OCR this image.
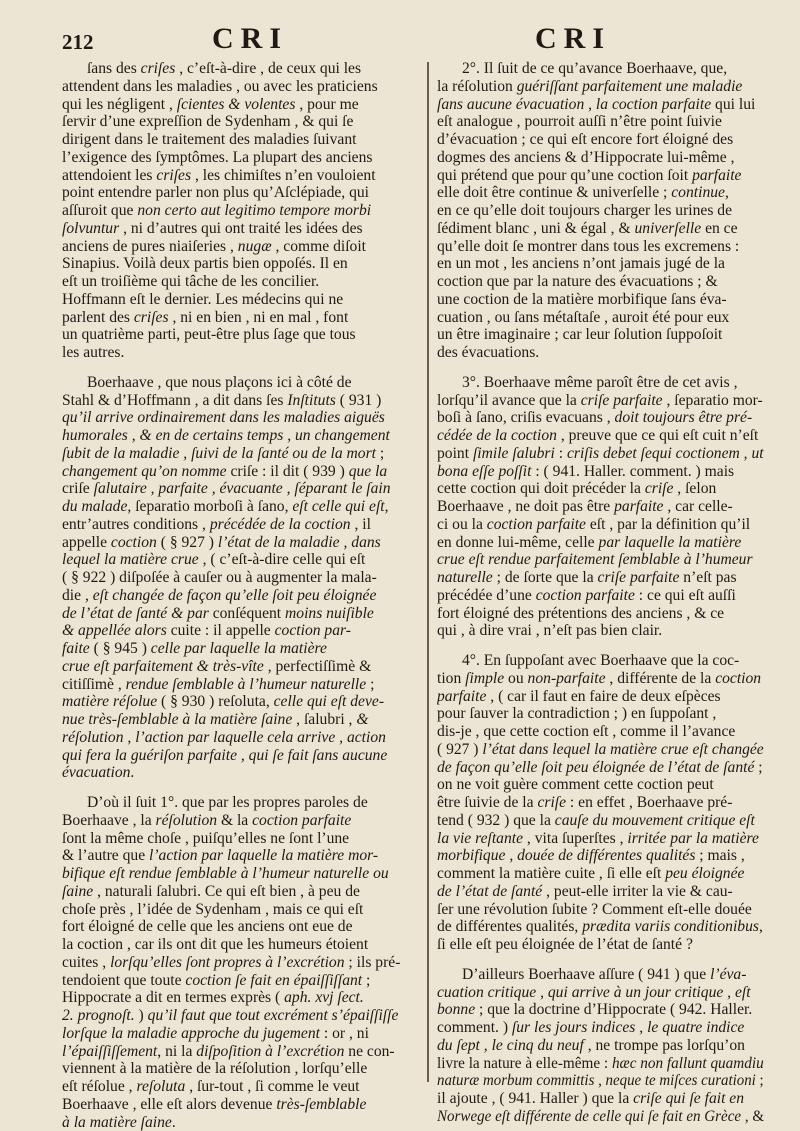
212	CRI	CRI
ſans des criſes , c’eſt-à-dire , de ceux qui les
attendent dans les maladies , ou avec les praticiens
qui les négligent , ſcientes & volentes , pour me
ſervir d’une expreſſion de Sydenham , & qui ſe
dirigent dans le traitement des maladies ſuivant
l’exigence des ſymptômes. La plupart des anciens
attendoient les criſes , les chimiſtes n’en vouloient
point entendre parler non plus qu’Aſclépiade, qui
aſſuroit que non certo aut legitimo tempore morbi
ſolvuntur , ni d’autres qui ont traité les idées des
anciens de pures niaiſeries , nugæ , comme diſoit
Sinapius. Voilà deux partis bien oppoſés. Il en
eſt un troiſième qui tâche de les concilier.
Hoffmann eſt le dernier. Les médecins qui ne
parlent des criſes , ni en bien , ni en mal , font
un quatrième parti, peut-être plus ſage que tous
les autres.
Boerhaave , que nous plaçons ici à côté de
Stahl & d’Hoffmann , a dit dans ſes Inſtituts ( 931 )
qu’il arrive ordinairement dans les maladies aiguës
humorales , & en de certains temps , un changement
ſubit de la maladie , ſuivi de la ſanté ou de la mort ;
changement qu’on nomme criſe : il dit ( 939 ) que la
criſe ſalutaire , parfaite , évacuante , ſéparant le ſain
du malade, ſeparatio morboſi à ſano, eſt celle qui eſt,
entr’autres conditions , précédée de la coction , il
appelle coction ( § 927 ) l’état de la maladie , dans
lequel la matière crue , ( c’eſt-à-dire celle qui eſt
( § 922 ) diſpoſée à cauſer ou à augmenter la mala-
die , eſt changée de façon qu’elle ſoit peu éloignée
de l’état de ſanté & par conſéquent moins nuiſible
& appellée alors cuite : il appelle coction par-
faite ( § 945 ) celle par laquelle la matière
crue eſt parfaitement & très-vîte , perfectiſſimè &
citiſſimè , rendue ſemblable à l’humeur naturelle ;
matière réſolue ( § 930 ) reſoluta, celle qui eſt deve-
nue très-ſemblable à la matière ſaine , ſalubri , &
réſolution , l’action par laquelle cela arrive , action
qui fera la guériſon parfaite , qui ſe fait ſans aucune
évacuation.
D’où il ſuit 1°. que par les propres paroles de
Boerhaave , la réſolution & la coction parfaite
ſont la même choſe , puiſqu’elles ne ſont l’une
& l’autre que l’action par laquelle la matière mor-
bifique eſt rendue ſemblable à l’humeur naturelle ou
ſaine , naturali ſalubri. Ce qui eſt bien , à peu de
choſe près , l’idée de Sydenham , mais ce qui eſt
fort éloigné de celle que les anciens ont eue de
la coction , car ils ont dit que les humeurs étoient
cuites , lorſqu’elles ſont propres à l’excrétion ; ils pré-
tendoient que toute coction ſe fait en épaiſſiſſant ;
Hippocrate a dit en termes exprès ( aph. xvj ſect.
2. prognoſt. ) qu’il faut que tout excrément s’épaiſſiſſe
lorſque la maladie approche du jugement : or , ni
l’épaiſſiſſement, ni la diſpoſition à l’excrétion ne con-
viennent à la matière de la réſolution , lorſqu’elle
eſt réſolue , reſoluta , ſur-tout , ſi comme le veut
Boerhaave , elle eſt alors devenue très-ſemblable
à la matière ſaine.
2°. Il ſuit de ce qu’avance Boerhaave, que,
la réſolution guériſſant parfaitement une maladie
ſans aucune évacuation , la coction parfaite qui lui
eſt analogue , pourroit auſſi n’être point ſuivie
d’évacuation ; ce qui eſt encore fort éloigné des
dogmes des anciens & d’Hippocrate lui-même ,
qui prétend que pour qu’une coction ſoit parfaite
elle doit être continue & univerſelle ; continue,
en ce qu’elle doit toujours charger les urines de
ſédiment blanc , uni & égal , & univerſelle en ce
qu’elle doit ſe montrer dans tous les excremens :
en un mot , les anciens n’ont jamais jugé de la
coction que par la nature des évacuations ; &
une coction de la matière morbifique ſans éva-
cuation , ou ſans métaſtaſe , auroit été pour eux
un être imaginaire ; car leur ſolution ſuppoſoit
des évacuations.
3°. Boerhaave même paroît être de cet avis ,
lorſqu’il avance que la criſe parfaite , ſeparatio mor-
boſi à ſano, criſis evacuans , doit toujours être pré-
cédée de la coction , preuve que ce qui eſt cuit n’eſt
point ſimile ſalubri : criſis debet ſequi coctionem , ut
bona eſſe poſſit : ( 941. Haller. comment. ) mais
cette coction qui doit précéder la criſe , ſelon
Boerhaave , ne doit pas être parfaite , car celle-
ci ou la coction parfaite eſt , par la définition qu’il
en donne lui-même, celle par laquelle la matière
crue eſt rendue parfaitement ſemblable à l’humeur
naturelle ; de ſorte que la criſe parfaite n’eſt pas
précédée d’une coction parfaite : ce qui eſt auſſi
fort éloigné des prétentions des anciens , & ce
qui , à dire vrai , n’eſt pas bien clair.
4°. En ſuppoſant avec Boerhaave que la coc-
tion ſimple ou non-parfaite , différente de la coction
parfaite , ( car il faut en faire de deux eſpèces
pour ſauver la contradiction ; ) en ſuppoſant ,
dis-je , que cette coction eſt , comme il l’avance
( 927 ) l’état dans lequel la matière crue eſt changée
de façon qu’elle ſoit peu éloignée de l’état de ſanté ;
on ne voit guère comment cette coction peut
être ſuivie de la criſe : en effet , Boerhaave pré-
tend ( 932 ) que la cauſe du mouvement critique eſt
la vie reſtante , vita ſuperſtes , irritée par la matière
morbifique , douée de différentes qualités ; mais ,
comment la matière cuite , ſi elle eſt peu éloignée
de l’état de ſanté , peut-elle irriter la vie & cau-
ſer une révolution ſubite ? Comment eſt-elle douée
de différentes qualités, prædita variis conditionibus,
ſi elle eſt peu éloignée de l’état de ſanté ?
D’ailleurs Boerhaave aſſure ( 941 ) que l’éva-
cuation critique , qui arrive à un jour critique , eſt
bonne ; que la doctrine d’Hippocrate ( 942. Haller.
comment. ) ſur les jours indices , le quatre indice
du ſept , le cinq du neuf , ne trompe pas lorſqu’on
livre la nature à elle-même : hæc non fallunt quamdiu
naturæ morbum committis , neque te miſces curationi ;
il ajoute , ( 941. Haller ) que la criſe qui ſe fait en
Norwege eſt différente de celle qui ſe fait en Grèce , &
